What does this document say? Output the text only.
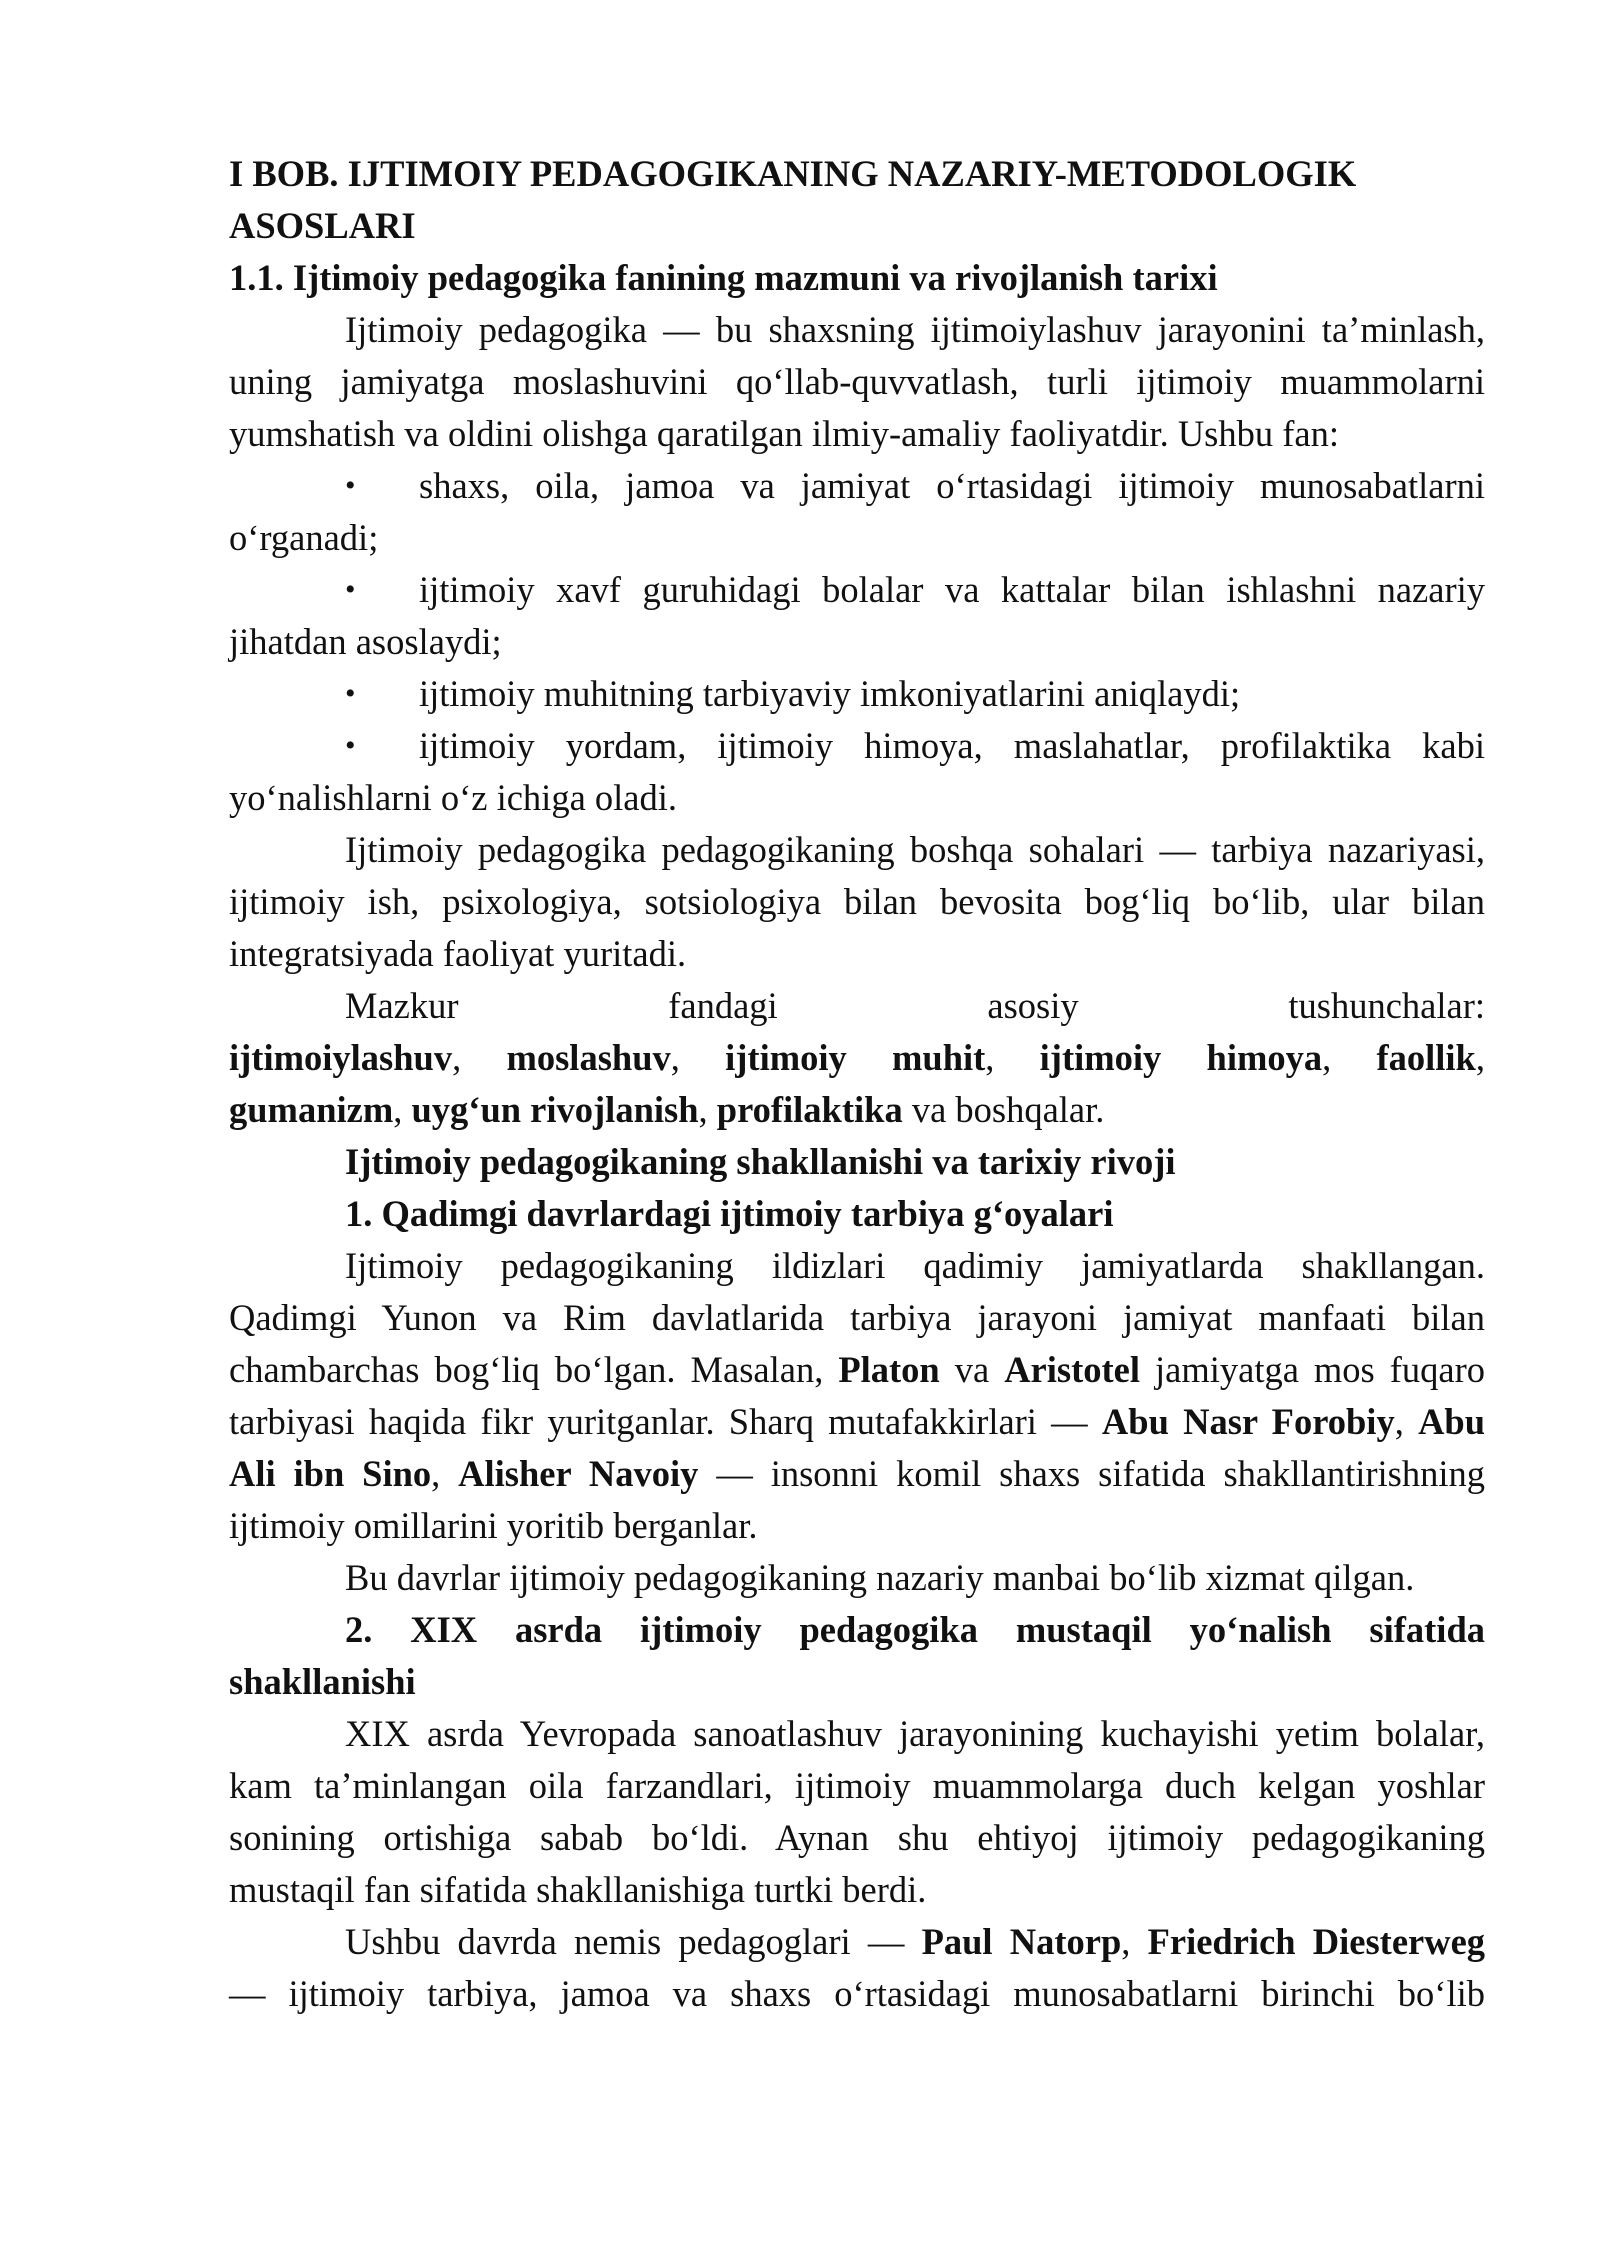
I BOB. IJTIMOIY PEDAGOGIKANING NAZARIY-METODOLOGIK
ASOSLARI
1.1. Ijtimoiy pedagogika fanining mazmuni va rivojlanish tarixi
Ijtimoiy pedagogika — bu shaxsning ijtimoiylashuv jarayonini ta’minlash,
uning jamiyatga moslashuvini qo‘llab-quvvatlash, turli ijtimoiy muammolarni
yumshatish va oldini olishga qaratilgan ilmiy-amaliy faoliyatdir. Ushbu fan:
• shaxs, oila, jamoa va jamiyat o‘rtasidagi ijtimoiy munosabatlarni
o‘rganadi;
• ijtimoiy xavf guruhidagi bolalar va kattalar bilan ishlashni nazariy
jihatdan asoslaydi;
• ijtimoiy muhitning tarbiyaviy imkoniyatlarini aniqlaydi;
• ijtimoiy yordam, ijtimoiy himoya, maslahatlar, profilaktika kabi
yo‘nalishlarni o‘z ichiga oladi.
Ijtimoiy pedagogika pedagogikaning boshqa sohalari — tarbiya nazariyasi,
ijtimoiy ish, psixologiya, sotsiologiya bilan bevosita bog‘liq bo‘lib, ular bilan
integratsiyada faoliyat yuritadi.
Mazkur fandagi asosiy tushunchalar:
ijtimoiylashuv, moslashuv, ijtimoiy muhit, ijtimoiy himoya, faollik,
gumanizm, uyg‘un rivojlanish, profilaktika va boshqalar.
Ijtimoiy pedagogikaning shakllanishi va tarixiy rivoji
1. Qadimgi davrlardagi ijtimoiy tarbiya g‘oyalari
Ijtimoiy pedagogikaning ildizlari qadimiy jamiyatlarda shakllangan.
Qadimgi Yunon va Rim davlatlarida tarbiya jarayoni jamiyat manfaati bilan
chambarchas bog‘liq bo‘lgan. Masalan, Platon va Aristotel jamiyatga mos fuqaro
tarbiyasi haqida fikr yuritganlar. Sharq mutafakkirlari — Abu Nasr Forobiy, Abu
Ali ibn Sino, Alisher Navoiy — insonni komil shaxs sifatida shakllantirishning
ijtimoiy omillarini yoritib berganlar.
Bu davrlar ijtimoiy pedagogikaning nazariy manbai bo‘lib xizmat qilgan.
2. XIX asrda ijtimoiy pedagogika mustaqil yo‘nalish sifatida
shakllanishi
XIX asrda Yevropada sanoatlashuv jarayonining kuchayishi yetim bolalar,
kam ta’minlangan oila farzandlari, ijtimoiy muammolarga duch kelgan yoshlar
sonining ortishiga sabab bo‘ldi. Aynan shu ehtiyoj ijtimoiy pedagogikaning
mustaqil fan sifatida shakllanishiga turtki berdi.
Ushbu davrda nemis pedagoglari — Paul Natorp, Friedrich Diesterweg
— ijtimoiy tarbiya, jamoa va shaxs o‘rtasidagi munosabatlarni birinchi bo‘lib
